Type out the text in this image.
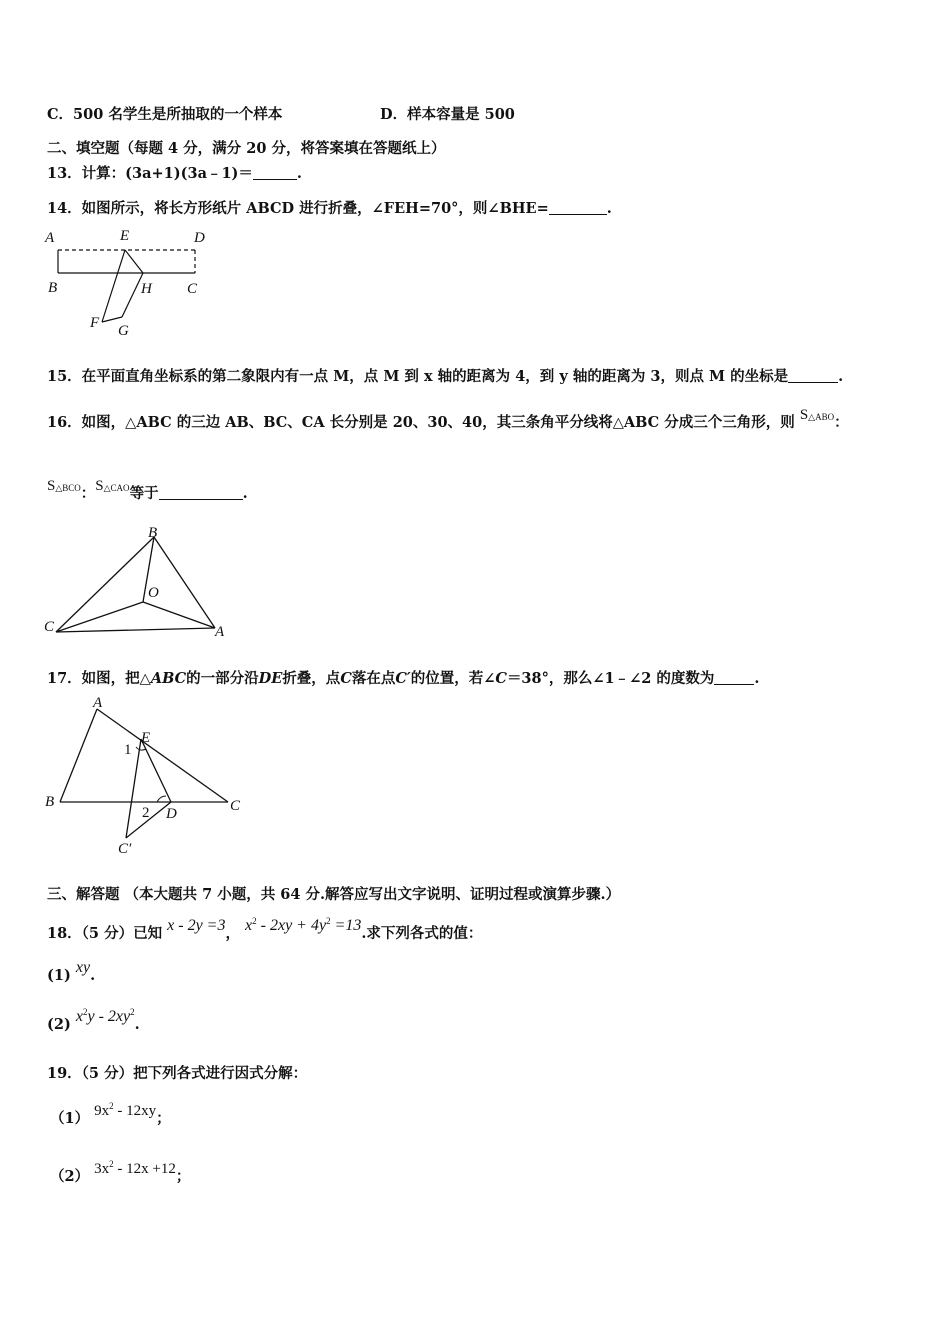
C．500 名学生是所抽取的一个样本	D．样本容量是 500
二、填空题（每题 4 分，满分 20 分，将答案填在答题纸上）
13．计算：(3a+1)(3a﹣1)＝	.
14．如图所示，将长方形纸片 ABCD 进行折叠，∠FEH=70°，则∠BHE=	.
A	E	D
B	H C
F G
15．在平面直角坐标系的第二象限内有一点 M，点 M 到 x 轴的距离为 4，到 y 轴的距离为 3，则点 M 的坐标是	.
16．如图，△ABC 的三边 AB、BC、CA 长分别是 20、30、40，其三条角平分线将△ABC 分成三个三角形，则 S△ABO：
S△BCO：S△CAO等于	.
B
O
C	A
17．如图，把△ABC的一部分沿DE折叠，点C落在点C′的位置，若∠C＝38°，那么∠1﹣∠2 的度数为	.
A
E
1
B
2 D	C
C′
三、解答题 （本大题共 7 小题，共 64 分.解答应写出文字说明、证明过程或演算步骤.）
18．（5 分）已知 x - 2y =3， $x^2 - 2xy + 4y^2 =13$.求下列各式的值：
(1) xy.
(2) $x^2y - 2xy^2$.
19．（5 分）把下列各式进行因式分解：
（1） $9x^2 - 12xy$；
（2） $3x^2 - 12x +12$；
